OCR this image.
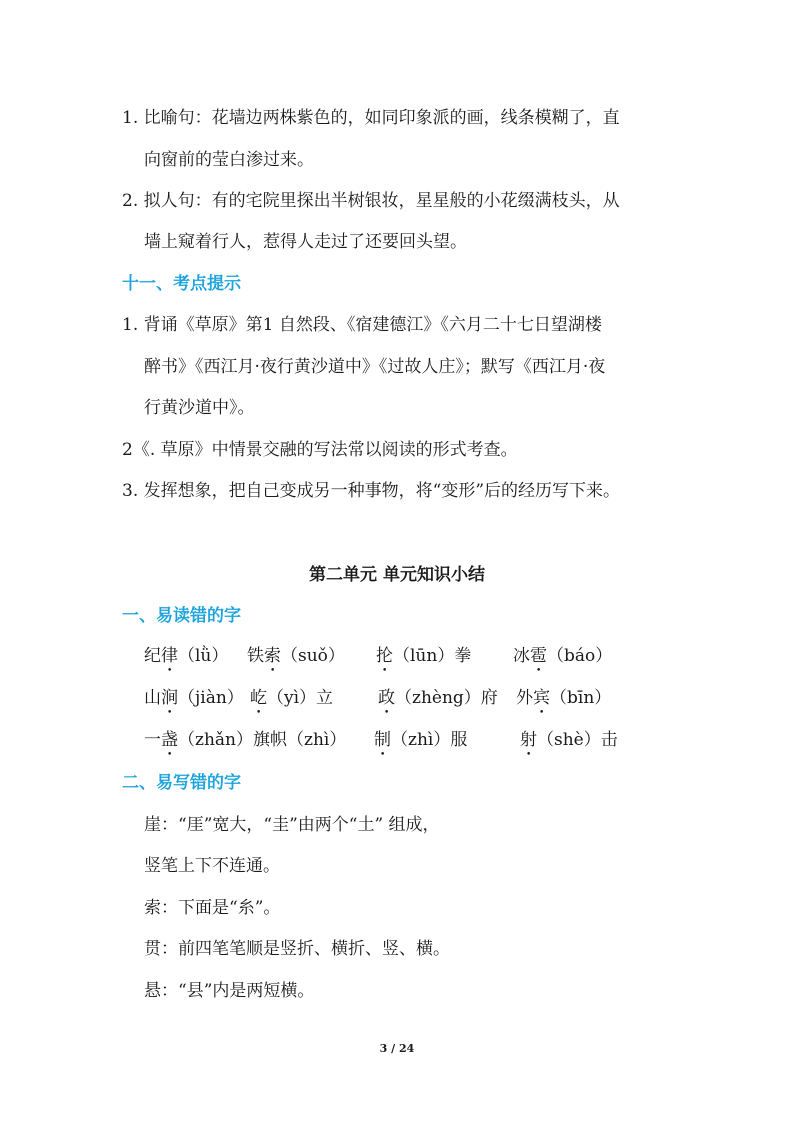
1. 比喻句：花墙边两株紫色的，如同印象派的画，线条模糊了，直
向窗前的莹白渗过来。
2. 拟人句：有的宅院里探出半树银妆，星星般的小花缀满枝头，从
墙上窥着行人，惹得人走过了还要回头望。
十一、考点提示
1. 背诵《草原》第1 自然段、《宿建德江》《六月二十七日望湖楼
醉书》《西江月·夜行黄沙道中》《过故人庄》；默写《西江月·夜
行黄沙道中》。
2《. 草原》中情景交融的写法常以阅读的形式考查。
3. 发挥想象，把自己变成另一种事物，将“变形”后的经历写下来。
第二单元 单元知识小结
一、易读错的字
纪律（lǜ） 铁索（suǒ） 抡（lūn）拳 冰雹（báo）
山涧（jiàn） 屹（yì）立	政（zhèng）府 外宾（bīn）
一盏（zhǎn）旗帜（zhì） 制（zhì）服	射（shè）击
二、易写错的字
崖：“厓”宽大，“圭”由两个“土” 组成，
竖笔上下不连通。
索：下面是“糸”。
贯：前四笔笔顺是竖折、横折、竖、横。
悬：“县”内是两短横。
3 / 24
